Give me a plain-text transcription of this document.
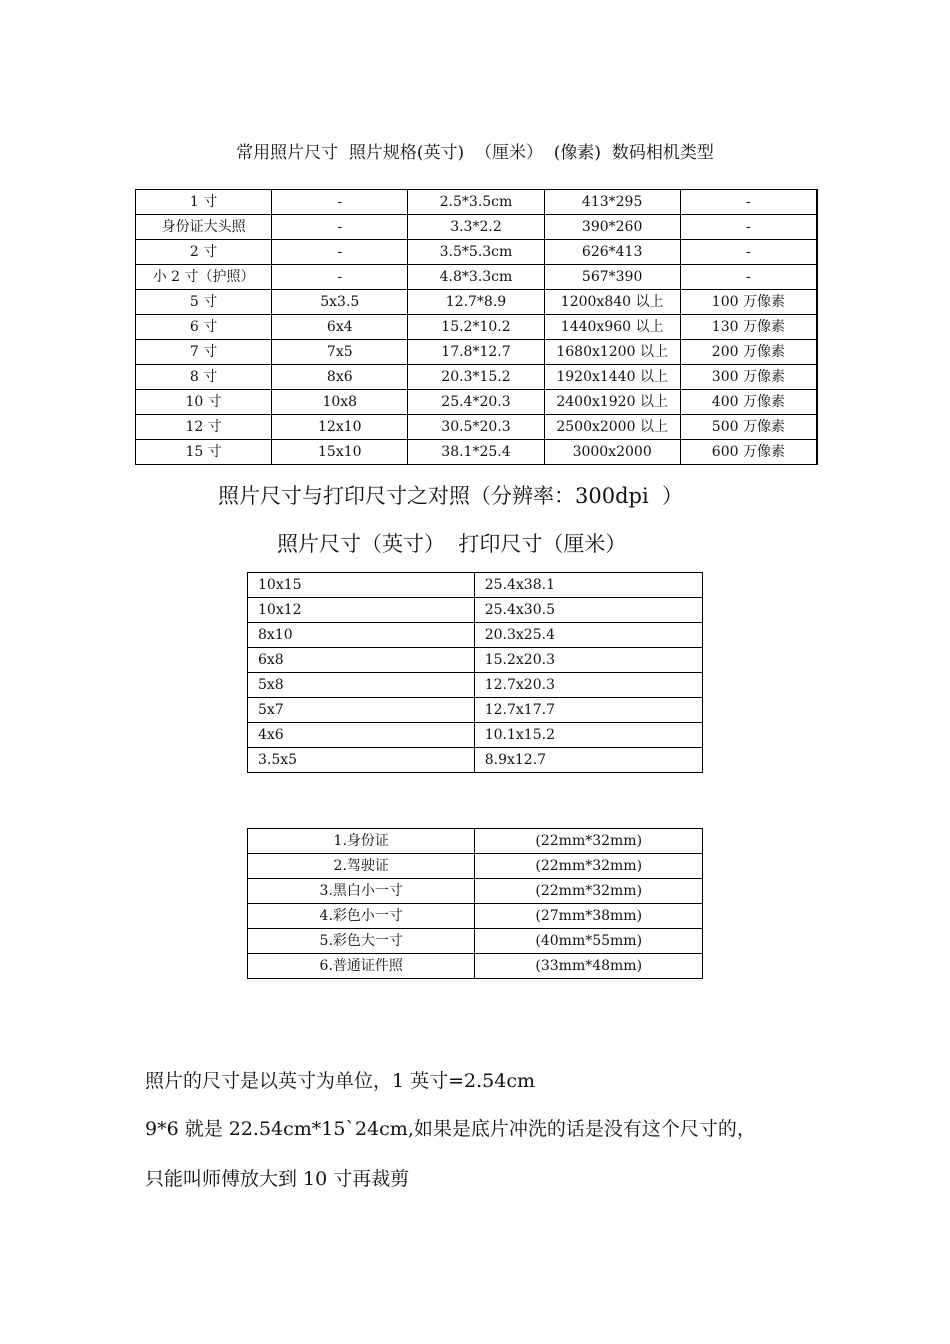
常用照片尺寸  照片规格(英寸)  （厘米）  (像素)  数码相机类型
1 寸	-	2.5*3.5cm	413*295	-
身份证大头照	-	3.3*2.2	390*260	-
2 寸	-	3.5*5.3cm	626*413	-
小 2 寸（护照）	-	4.8*3.3cm	567*390	-
5 寸	5x3.5	12.7*8.9	1200x840 以上	100 万像素
6 寸	6x4	15.2*10.2	1440x960 以上	130 万像素
7 寸	7x5	17.8*12.7	1680x1200 以上	200 万像素
8 寸	8x6	20.3*15.2	1920x1440 以上	300 万像素
10 寸	10x8	25.4*20.3	2400x1920 以上	400 万像素
12 寸	12x10	30.5*20.3	2500x2000 以上	500 万像素
15 寸	15x10	38.1*25.4	3000x2000	600 万像素
照片尺寸与打印尺寸之对照（分辨率：300dpi  ）
照片尺寸（英寸）  打印尺寸（厘米）
10x15	25.4x38.1
10x12	25.4x30.5
8x10	20.3x25.4
6x8	15.2x20.3
5x8	12.7x20.3
5x7	12.7x17.7
4x6	10.1x15.2
3.5x5	8.9x12.7
1.身份证	(22mm*32mm)
2.驾驶证	(22mm*32mm)
3.黑白小一寸	(22mm*32mm)
4.彩色小一寸	(27mm*38mm)
5.彩色大一寸	(40mm*55mm)
6.普通证件照	(33mm*48mm)
照片的尺寸是以英寸为单位，1 英寸=2.54cm
9*6 就是 22.54cm*15`24cm,如果是底片冲洗的话是没有这个尺寸的，
只能叫师傅放大到 10 寸再裁剪
